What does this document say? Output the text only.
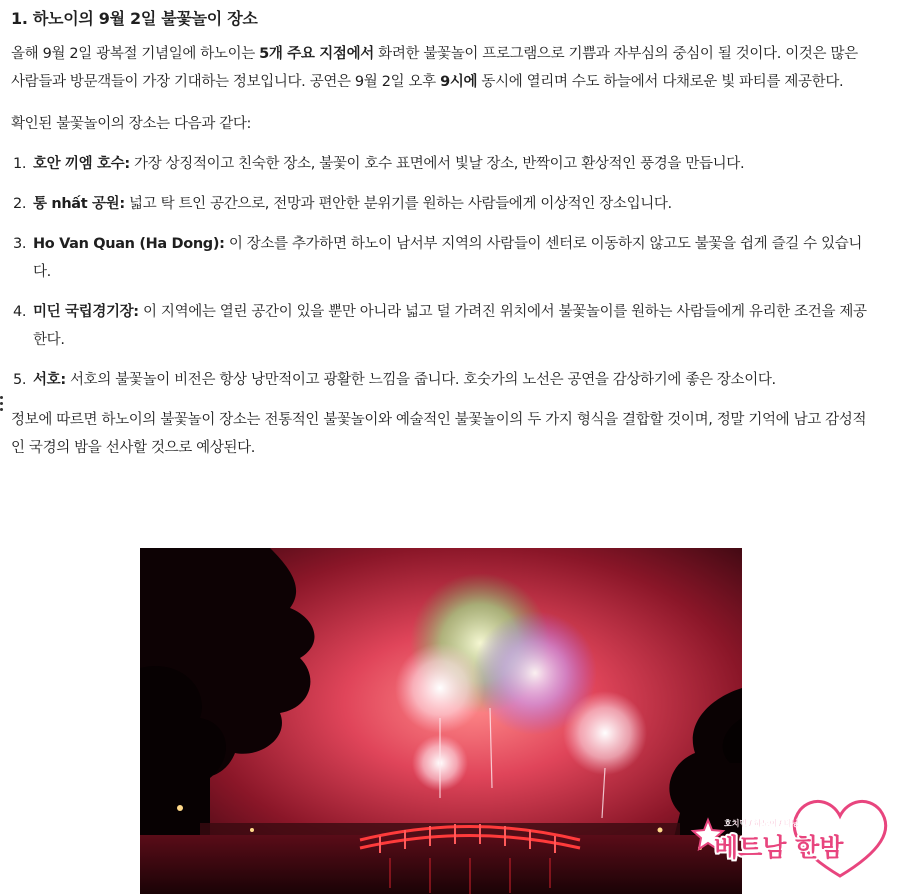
1. 하노이의 9월 2일 불꽃놀이 장소

올해 9월 2일 광복절 기념일에 하노이는 5개 주요 지점에서 화려한 불꽃놀이 프로그램으로 기쁨과 자부심의 중심이 될 것이다. 이것은 많은 사람들과 방문객들이 가장 기대하는 정보입니다. 공연은 9월 2일 오후 9시에 동시에 열리며 수도 하늘에서 다채로운 빛 파티를 제공한다.

확인된 불꽃놀이의 장소는 다음과 같다:

1. 호안 끼엠 호수: 가장 상징적이고 친숙한 장소, 불꽃이 호수 표면에서 빛날 장소, 반짝이고 환상적인 풍경을 만듭니다.
2. 통 nhất 공원: 넓고 탁 트인 공간으로, 전망과 편안한 분위기를 원하는 사람들에게 이상적인 장소입니다.
3. Ho Van Quan (Ha Dong): 이 장소를 추가하면 하노이 남서부 지역의 사람들이 센터로 이동하지 않고도 불꽃을 쉽게 즐길 수 있습니다.
4. 미딘 국립경기장: 이 지역에는 열린 공간이 있을 뿐만 아니라 넓고 덜 가려진 위치에서 불꽃놀이를 원하는 사람들에게 유리한 조건을 제공한다.
5. 서호: 서호의 불꽃놀이 비전은 항상 낭만적이고 광활한 느낌을 줍니다. 호숫가의 노선은 공연을 감상하기에 좋은 장소이다.

정보에 따르면 하노이의 불꽃놀이 장소는 전통적인 불꽃놀이와 예술적인 불꽃놀이의 두 가지 형식을 결합할 것이며, 정말 기억에 남고 감성적인 국경의 밤을 선사할 것으로 예상된다.

호치민 / 하노이 / 다낭
베트남 한밤
